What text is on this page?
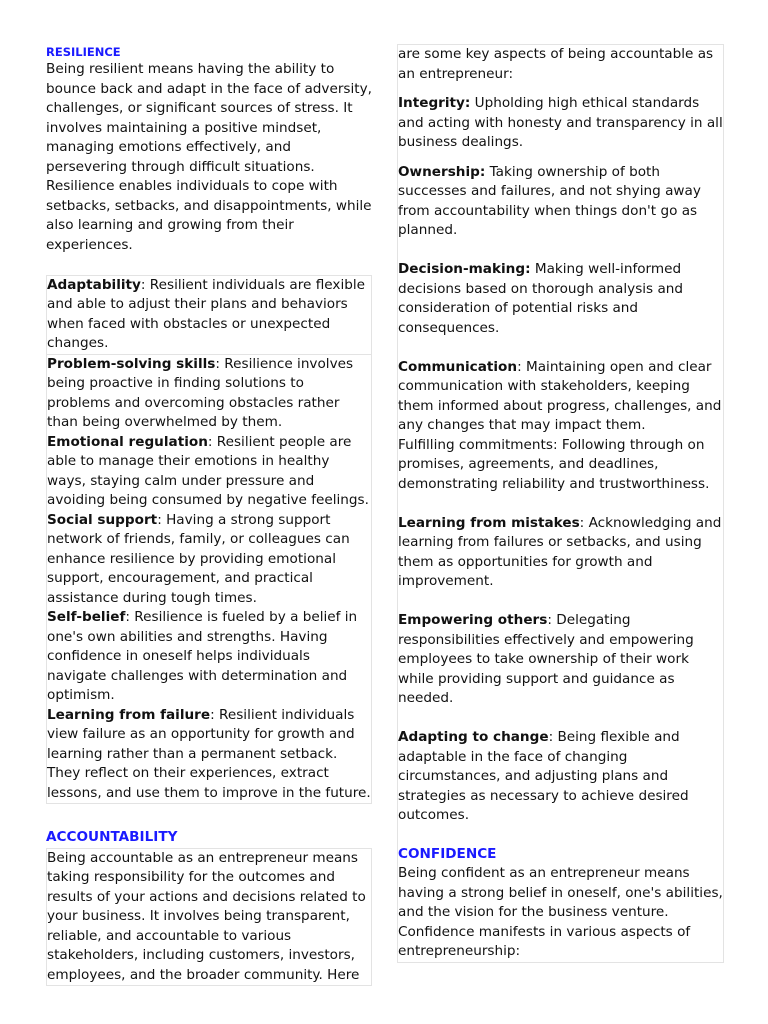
RESILIENCE

Being resilient means having the ability to bounce back and adapt in the face of adversity, challenges, or significant sources of stress. It involves maintaining a positive mindset, managing emotions effectively, and persevering through difficult situations. Resilience enables individuals to cope with setbacks, setbacks, and disappointments, while also learning and growing from their experiences.

Adaptability: Resilient individuals are flexible and able to adjust their plans and behaviors when faced with obstacles or unexpected changes.

Problem-solving skills: Resilience involves being proactive in finding solutions to problems and overcoming obstacles rather than being overwhelmed by them.

Emotional regulation: Resilient people are able to manage their emotions in healthy ways, staying calm under pressure and avoiding being consumed by negative feelings.

Social support: Having a strong support network of friends, family, or colleagues can enhance resilience by providing emotional support, encouragement, and practical assistance during tough times.

Self-belief: Resilience is fueled by a belief in one's own abilities and strengths. Having confidence in oneself helps individuals navigate challenges with determination and optimism.

Learning from failure: Resilient individuals view failure as an opportunity for growth and learning rather than a permanent setback. They reflect on their experiences, extract lessons, and use them to improve in the future.

ACCOUNTABILITY

Being accountable as an entrepreneur means taking responsibility for the outcomes and results of your actions and decisions related to your business. It involves being transparent, reliable, and accountable to various stakeholders, including customers, investors, employees, and the broader community. Here

are some key aspects of being accountable as an entrepreneur:

Integrity: Upholding high ethical standards and acting with honesty and transparency in all business dealings.

Ownership: Taking ownership of both successes and failures, and not shying away from accountability when things don't go as planned.

Decision-making: Making well-informed decisions based on thorough analysis and consideration of potential risks and consequences.

Communication: Maintaining open and clear communication with stakeholders, keeping them informed about progress, challenges, and any changes that may impact them.

Fulfilling commitments: Following through on promises, agreements, and deadlines, demonstrating reliability and trustworthiness.

Learning from mistakes: Acknowledging and learning from failures or setbacks, and using them as opportunities for growth and improvement.

Empowering others: Delegating responsibilities effectively and empowering employees to take ownership of their work while providing support and guidance as needed.

Adapting to change: Being flexible and adaptable in the face of changing circumstances, and adjusting plans and strategies as necessary to achieve desired outcomes.

CONFIDENCE

Being confident as an entrepreneur means having a strong belief in oneself, one's abilities, and the vision for the business venture. Confidence manifests in various aspects of entrepreneurship:
